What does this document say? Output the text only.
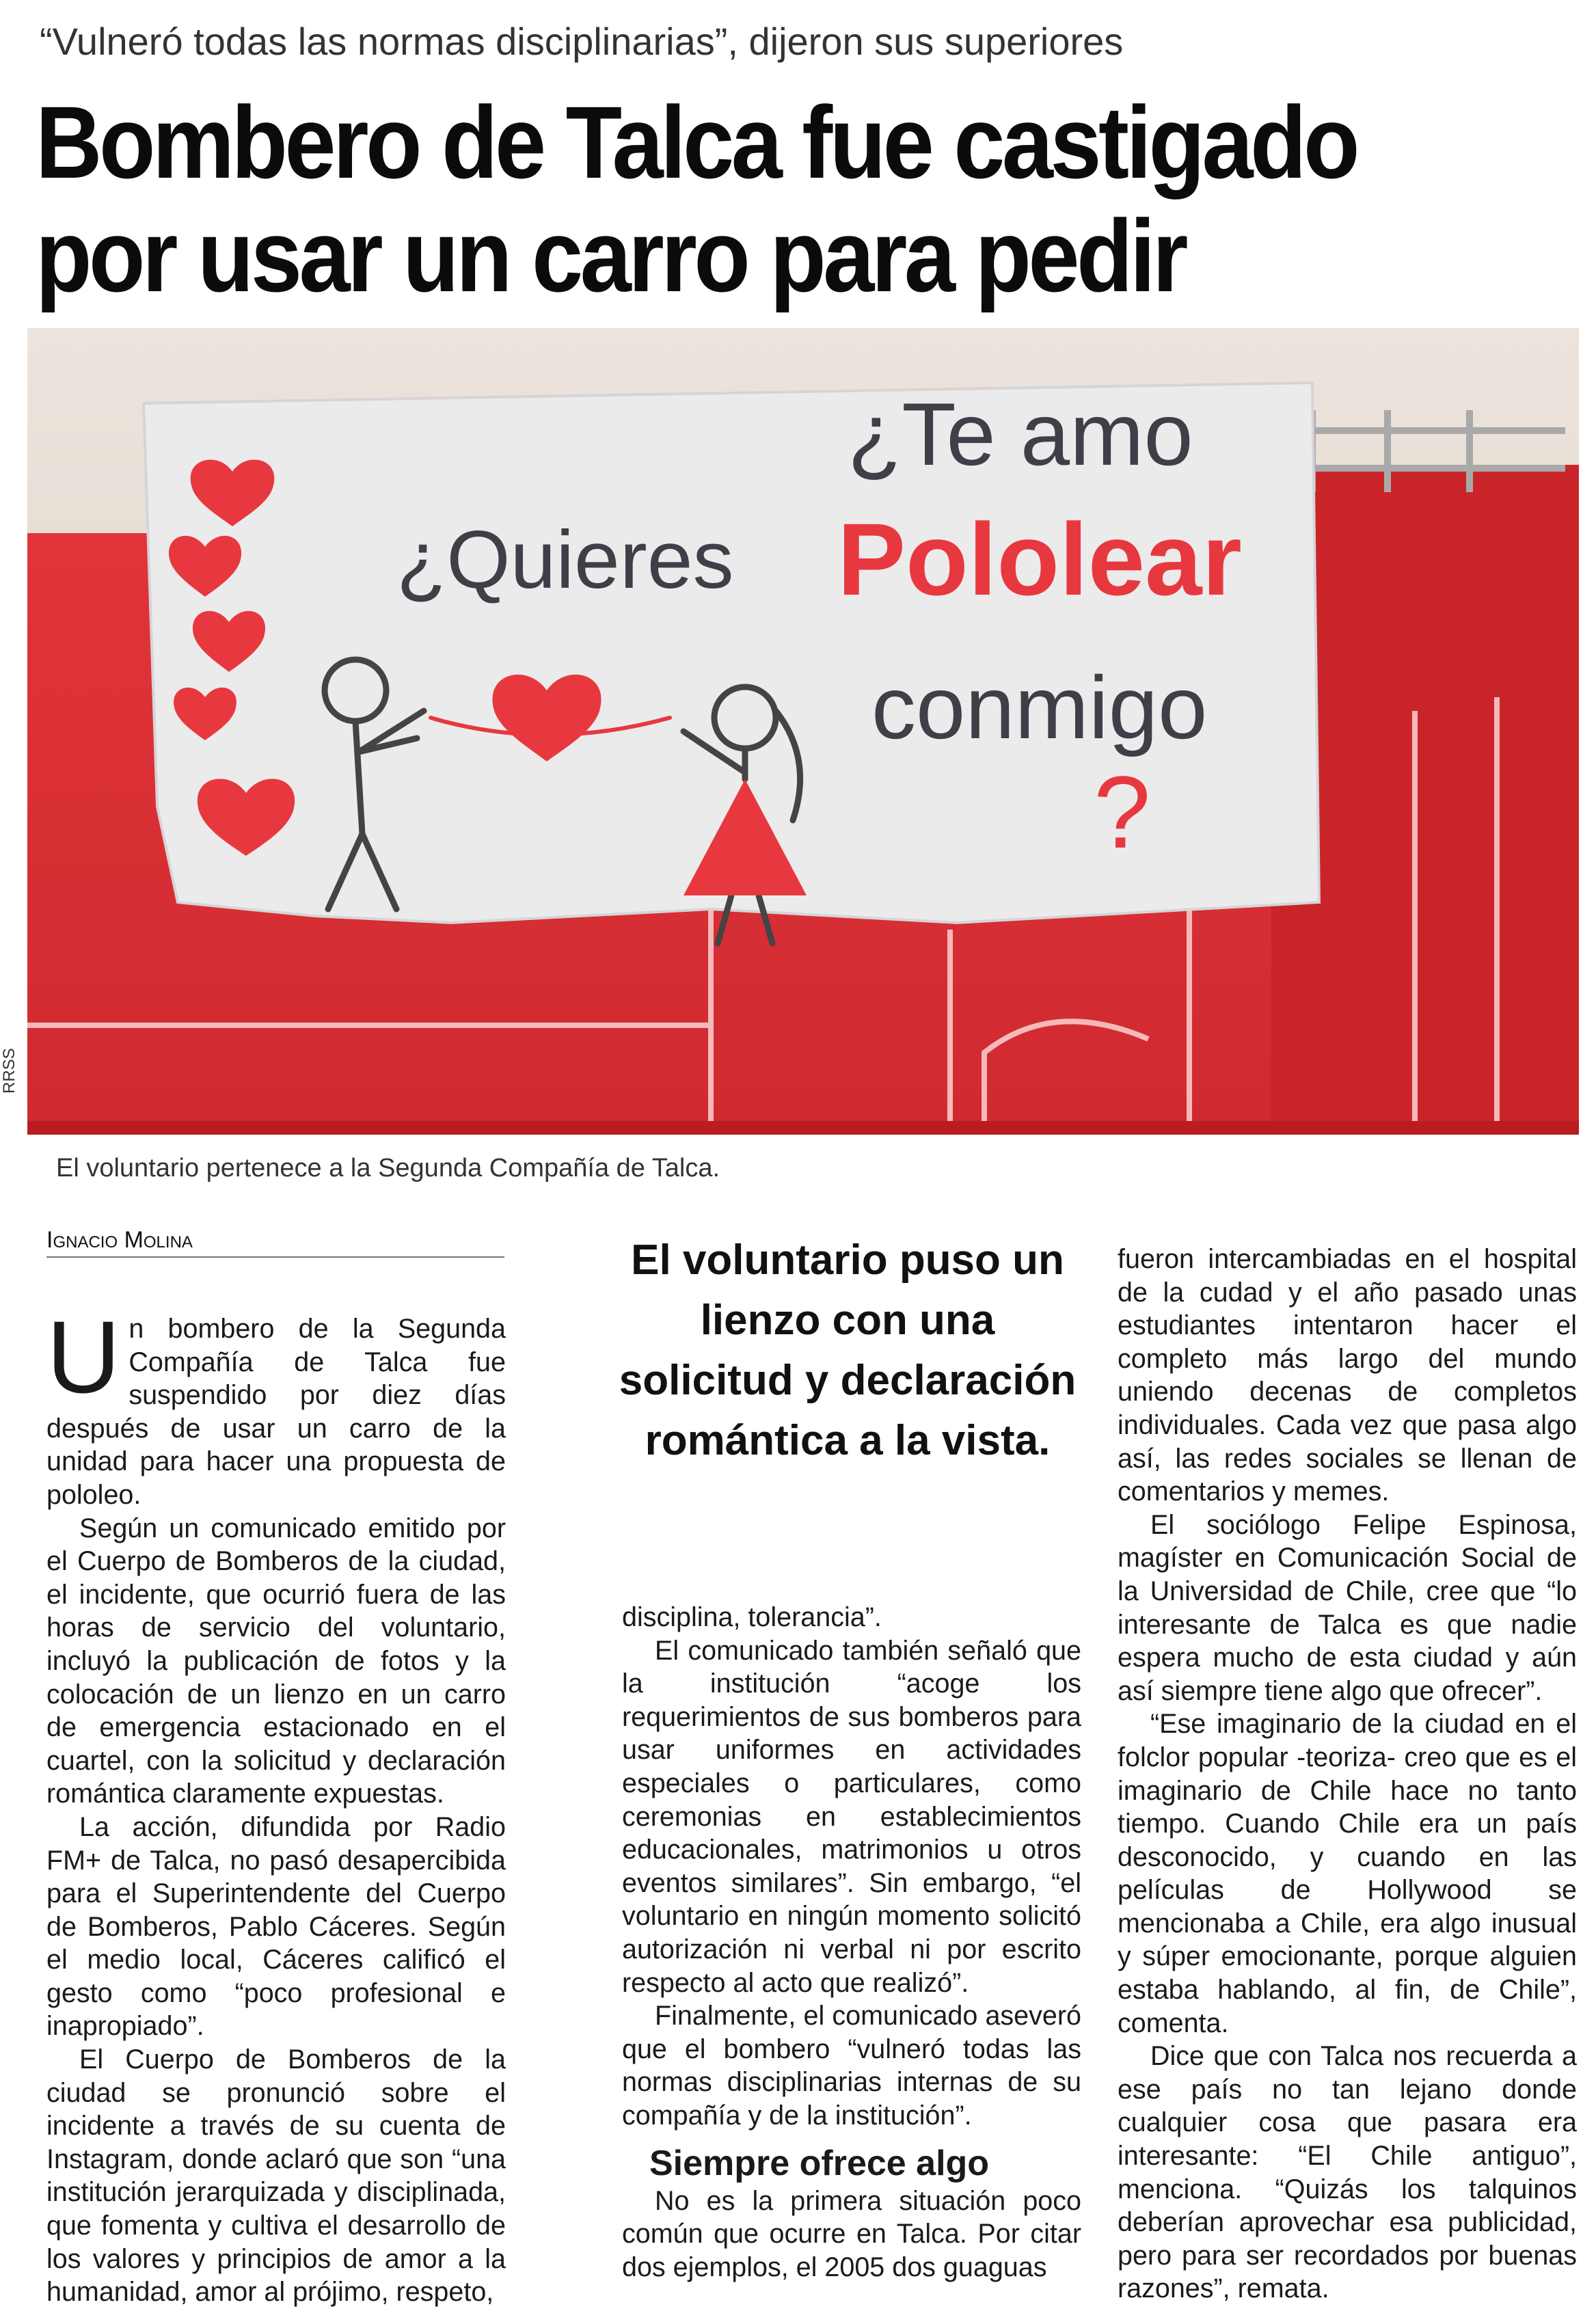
“Vulneró todas las normas disciplinarias”, dijeron sus superiores
Bombero de Talca fue castigado por usar un carro para pedir
¿Te amo
¿Quieres Pololear
conmigo
?
RRSS
El voluntario pertenece a la Segunda Compañía de Talca.
Ignacio Molina

Un bombero de la Segunda Compañía de Talca fue suspendido por diez días después de usar un carro de la unidad para hacer una propuesta de pololeo.

Según un comunicado emitido por el Cuerpo de Bomberos de la ciudad, el incidente, que ocurrió fuera de las horas de servicio del voluntario, incluyó la publicación de fotos y la colocación de un lienzo en un carro de emergencia estacionado en el cuartel, con la solicitud y declaración romántica claramente expuestas.

La acción, difundida por Radio FM+ de Talca, no pasó desapercibida para el Superintendente del Cuerpo de Bomberos, Pablo Cáceres. Según el medio local, Cáceres calificó el gesto como “poco profesional e inapropiado”.

El Cuerpo de Bomberos de la ciudad se pronunció sobre el incidente a través de su cuenta de Instagram, donde aclaró que son “una institución jerarquizada y disciplinada, que fomenta y cultiva el desarrollo de los valores y principios de amor a la humanidad, amor al prójimo, respeto,

El voluntario puso un lienzo con una solicitud y declaración romántica a la vista.

disciplina, tolerancia”.

El comunicado también señaló que la institución “acoge los requerimientos de sus bomberos para usar uniformes en actividades especiales o particulares, como ceremonias en establecimientos educacionales, matrimonios u otros eventos similares”. Sin embargo, “el voluntario en ningún momento solicitó autorización ni verbal ni por escrito respecto al acto que realizó”.

Finalmente, el comunicado aseveró que el bombero “vulneró todas las normas disciplinarias internas de su compañía y de la institución”.

Siempre ofrece algo

No es la primera situación poco común que ocurre en Talca. Por citar dos ejemplos, el 2005 dos guaguas

fueron intercambiadas en el hospital de la cudad y el año pasado unas estudiantes intentaron hacer el completo más largo del mundo uniendo decenas de completos individuales. Cada vez que pasa algo así, las redes sociales se llenan de comentarios y memes.

El sociólogo Felipe Espinosa, magíster en Comunicación Social de la Universidad de Chile, cree que “lo interesante de Talca es que nadie espera mucho de esta ciudad y aún así siempre tiene algo que ofrecer”.

“Ese imaginario de la ciudad en el folclor popular -teoriza- creo que es el imaginario de Chile hace no tanto tiempo. Cuando Chile era un país desconocido, y cuando en las películas de Hollywood se mencionaba a Chile, era algo inusual y súper emocionante, porque alguien estaba hablando, al fin, de Chile”, comenta.

Dice que con Talca nos recuerda a ese país no tan lejano donde cualquier cosa que pasara era interesante: “El Chile antiguo”, menciona. “Quizás los talquinos deberían aprovechar esa publicidad, pero para ser recordados por buenas razones”, remata.
